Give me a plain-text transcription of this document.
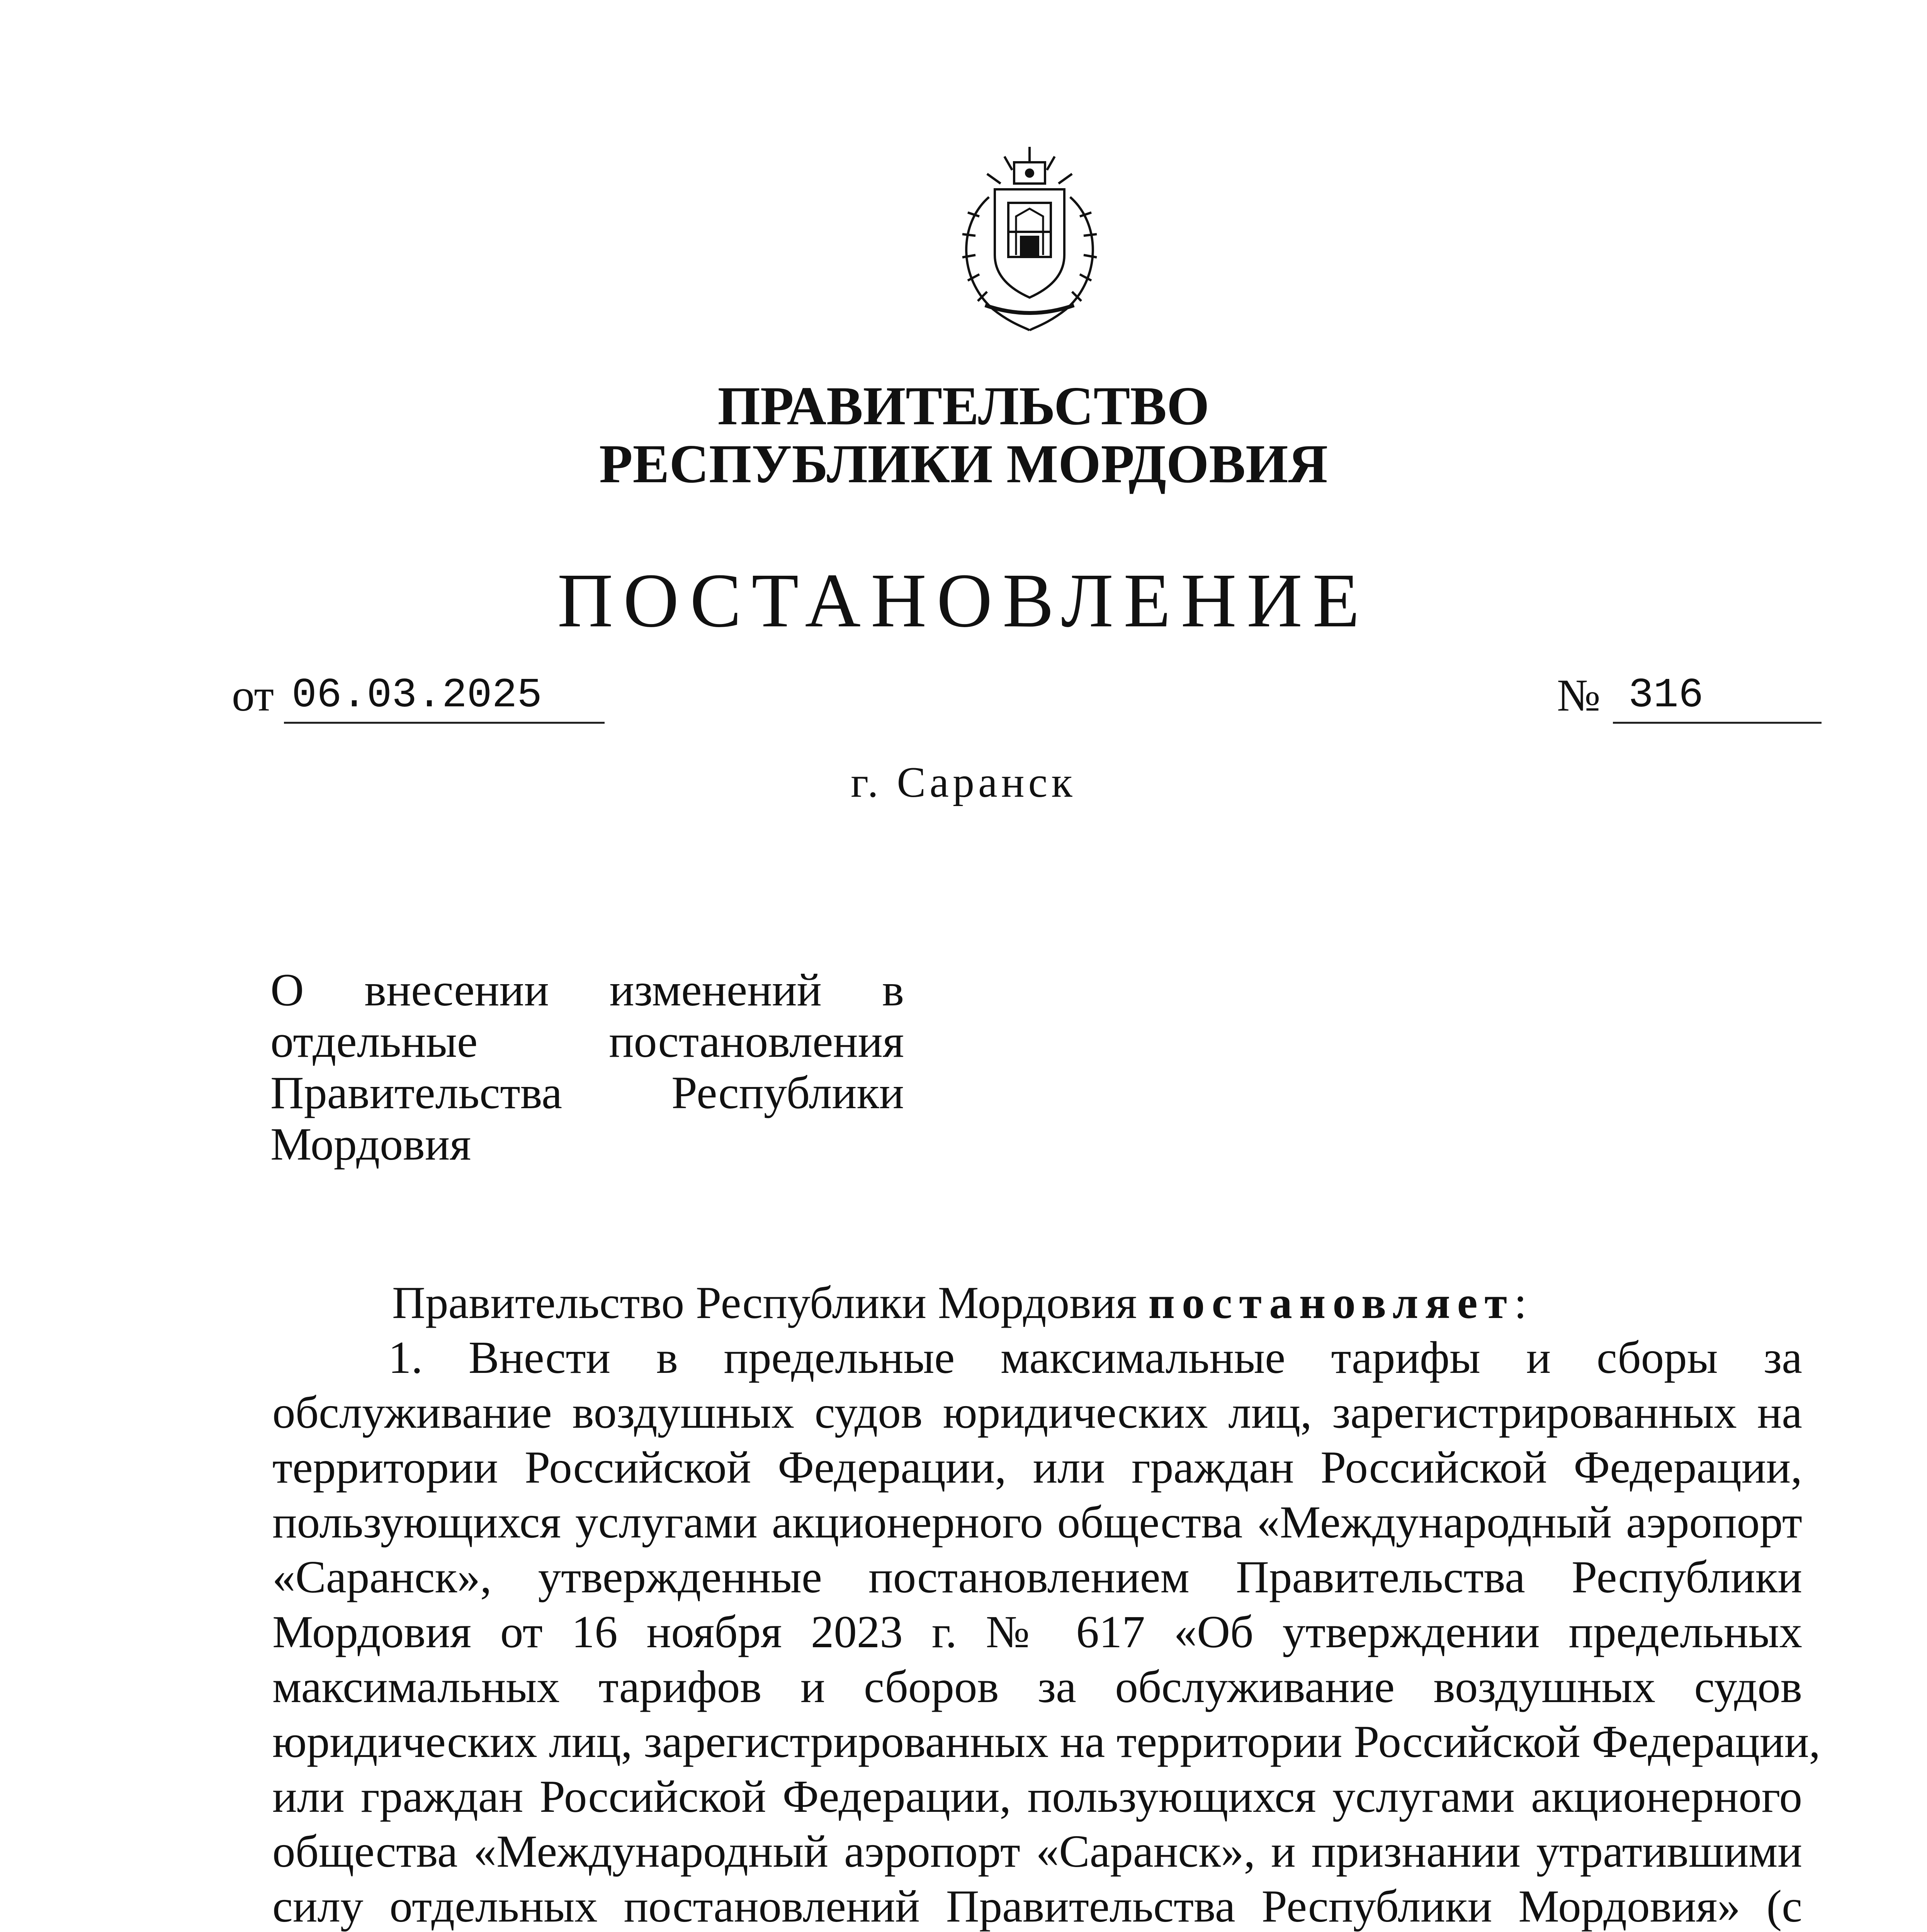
ПРАВИТЕЛЬСТВО
РЕСПУБЛИКИ МОРДОВИЯ
ПОСТАНОВЛЕНИЕ
от 06.03.2025	№ 316
г. Саранск
О внесении изменений в
отдельные постановления
Правительства Республики
Мордовия
Правительство Республики Мордовия постановляет:
1. Внести в предельные максимальные тарифы и сборы за
обслуживание воздушных судов юридических лиц, зарегистрированных на
территории Российской Федерации, или граждан Российской Федерации,
пользующихся услугами акционерного общества «Международный аэропорт
«Саранск», утвержденные постановлением Правительства Республики
Мордовия от 16 ноября 2023 г. № 617 «Об утверждении предельных
максимальных тарифов и сборов за обслуживание воздушных судов
юридических лиц, зарегистрированных на территории Российской Федерации,
или граждан Российской Федерации, пользующихся услугами акционерного
общества «Международный аэропорт «Саранск», и признании утратившими
силу отдельных постановлений Правительства Республики Мордовия» (с
